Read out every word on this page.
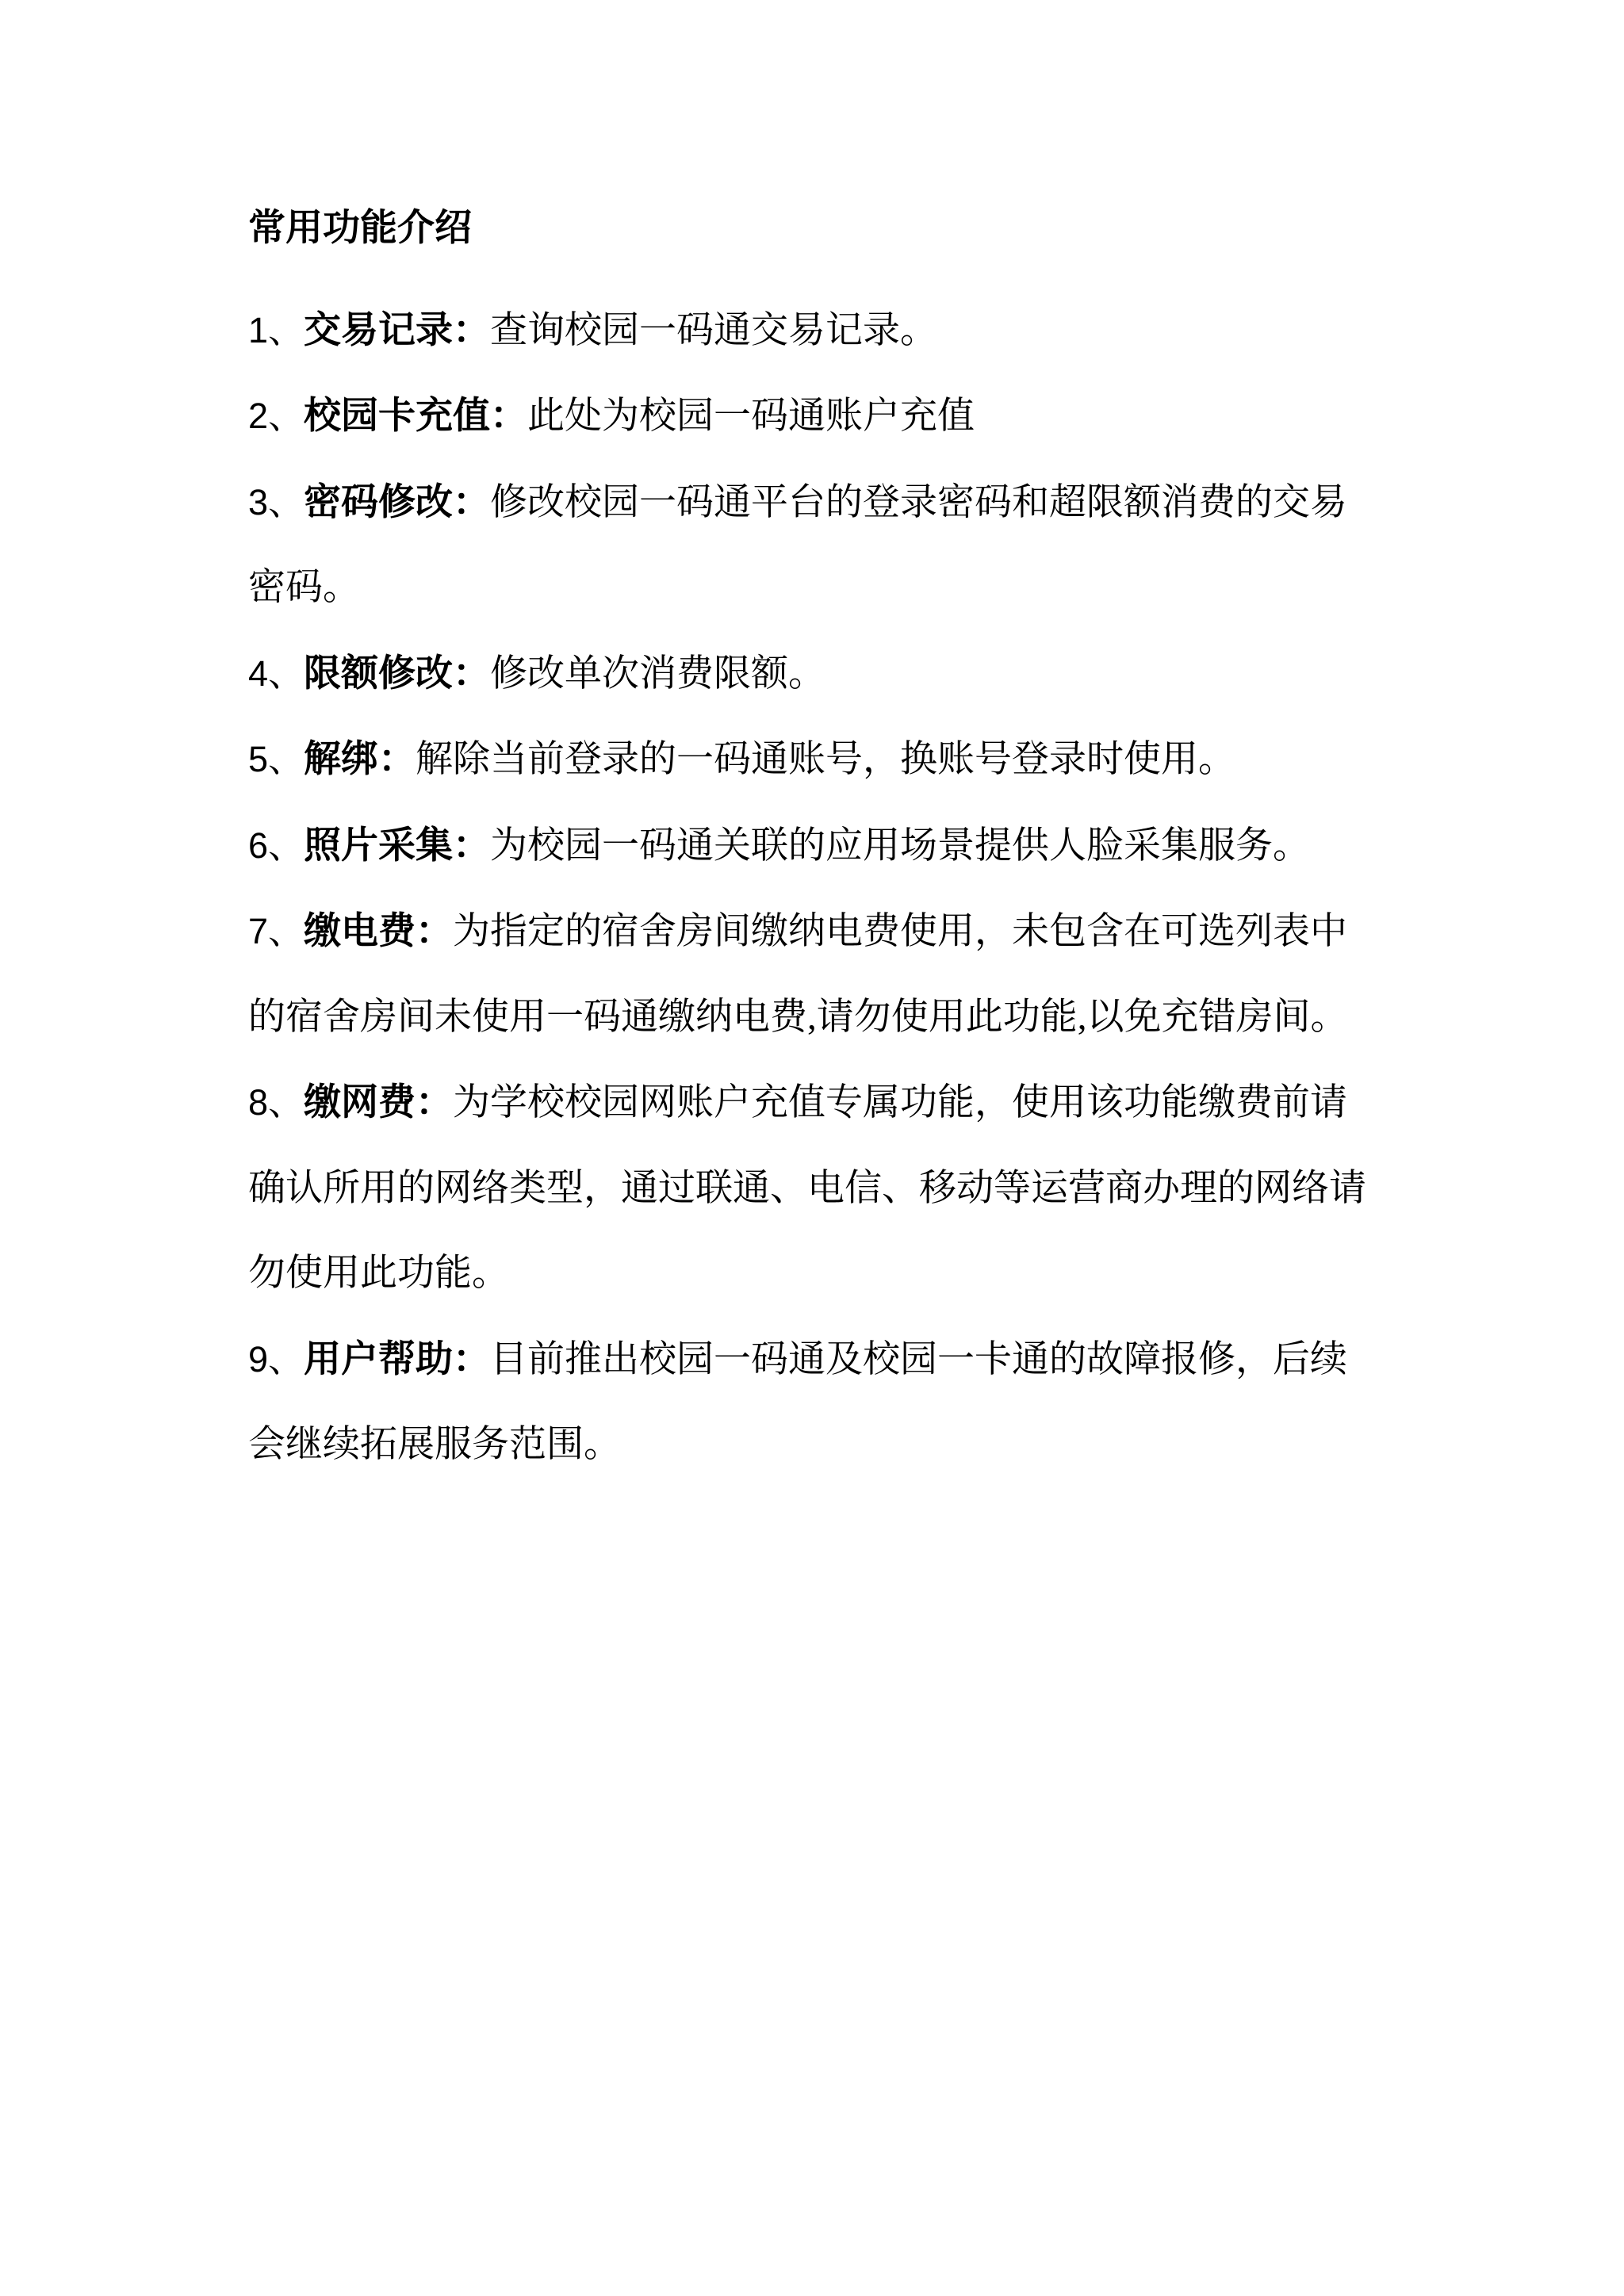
常用功能介绍
1、交易记录：查询校园一码通交易记录。
2、校园卡充值：此处为校园一码通账户充值
3、密码修改：修改校园一码通平台的登录密码和超限额消费的交易
密码。
4、限额修改：修改单次消费限额。
5、解绑：解除当前登录的一码通账号，换账号登录时使用。
6、照片采集：为校园一码通关联的应用场景提供人脸采集服务。
7、缴电费：为指定的宿舍房间缴纳电费使用，未包含在可选列表中
的宿舍房间未使用一码通缴纳电费,请勿使用此功能,以免充错房间。
8、缴网费：为学校校园网账户充值专属功能，使用该功能缴费前请
确认所用的网络类型，通过联通、电信、移动等运营商办理的网络请
勿使用此功能。
9、用户帮助：目前推出校园一码通及校园一卡通的故障报修，后续
会继续拓展服务范围。
